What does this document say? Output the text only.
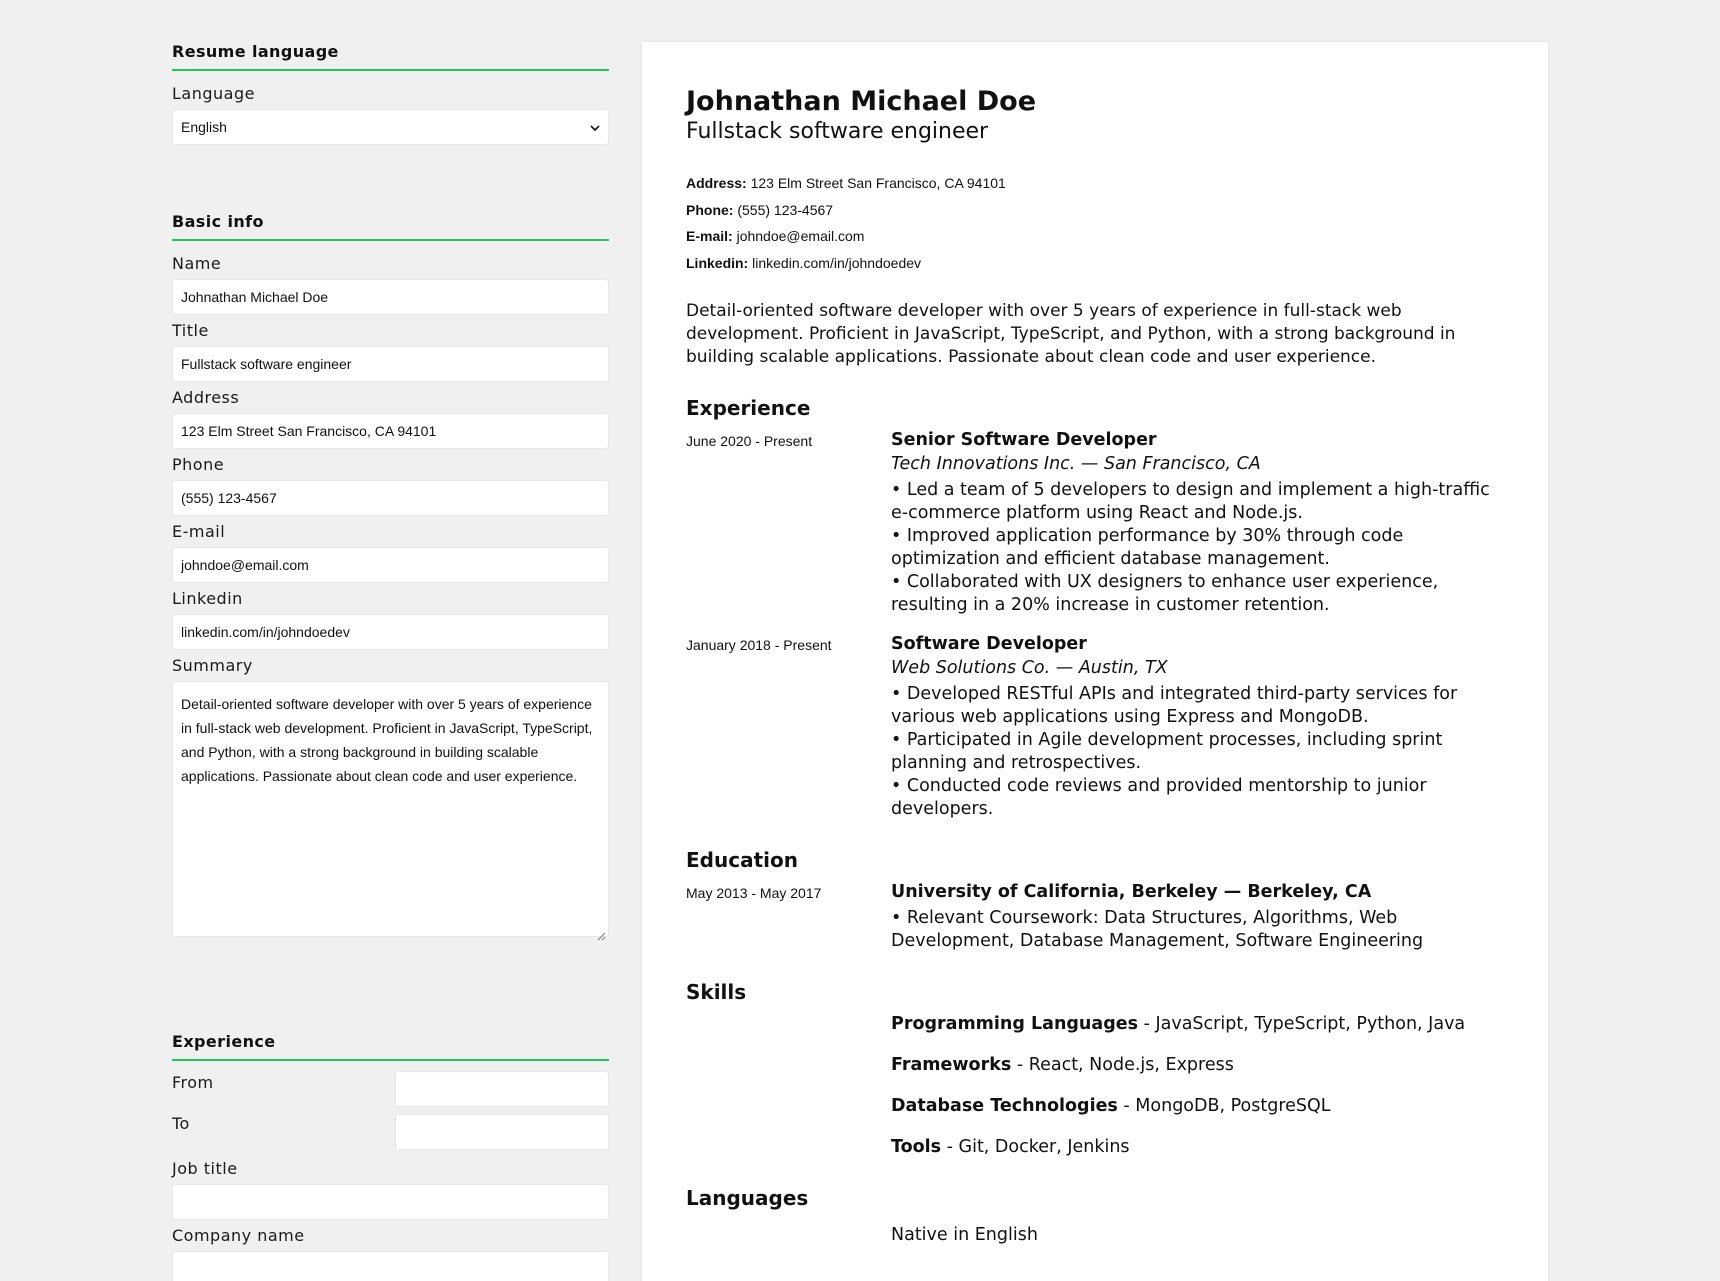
Resume language
Language
English
Basic info
Name
Johnathan Michael Doe
Title
Fullstack software engineer
Address
123 Elm Street San Francisco, CA 94101
Phone
(555) 123-4567
E-mail
johndoe@email.com
Linkedin
linkedin.com/in/johndoedev
Summary
Detail-oriented software developer with over 5 years of experience in full-stack web development. Proficient in JavaScript, TypeScript, and Python, with a strong background in building scalable applications. Passionate about clean code and user experience.
Experience
From
To
Job title
Company name
Johnathan Michael Doe
Fullstack software engineer
Address: 123 Elm Street San Francisco, CA 94101
Phone: (555) 123-4567
E-mail: johndoe@email.com
Linkedin: linkedin.com/in/johndoedev
Detail-oriented software developer with over 5 years of experience in full-stack web development. Proficient in JavaScript, TypeScript, and Python, with a strong background in building scalable applications. Passionate about clean code and user experience.
Experience
June 2020 - Present	Senior Software Developer
Tech Innovations Inc. — San Francisco, CA
• Led a team of 5 developers to design and implement a high-traffic e-commerce platform using React and Node.js.
• Improved application performance by 30% through code optimization and efficient database management.
• Collaborated with UX designers to enhance user experience, resulting in a 20% increase in customer retention.
January 2018 - Present	Software Developer
Web Solutions Co. — Austin, TX
• Developed RESTful APIs and integrated third-party services for various web applications using Express and MongoDB.
• Participated in Agile development processes, including sprint planning and retrospectives.
• Conducted code reviews and provided mentorship to junior developers.
Education
May 2013 - May 2017	University of California, Berkeley — Berkeley, CA
• Relevant Coursework: Data Structures, Algorithms, Web Development, Database Management, Software Engineering
Skills
Programming Languages - JavaScript, TypeScript, Python, Java
Frameworks - React, Node.js, Express
Database Technologies - MongoDB, PostgreSQL
Tools - Git, Docker, Jenkins
Languages
Native in English
